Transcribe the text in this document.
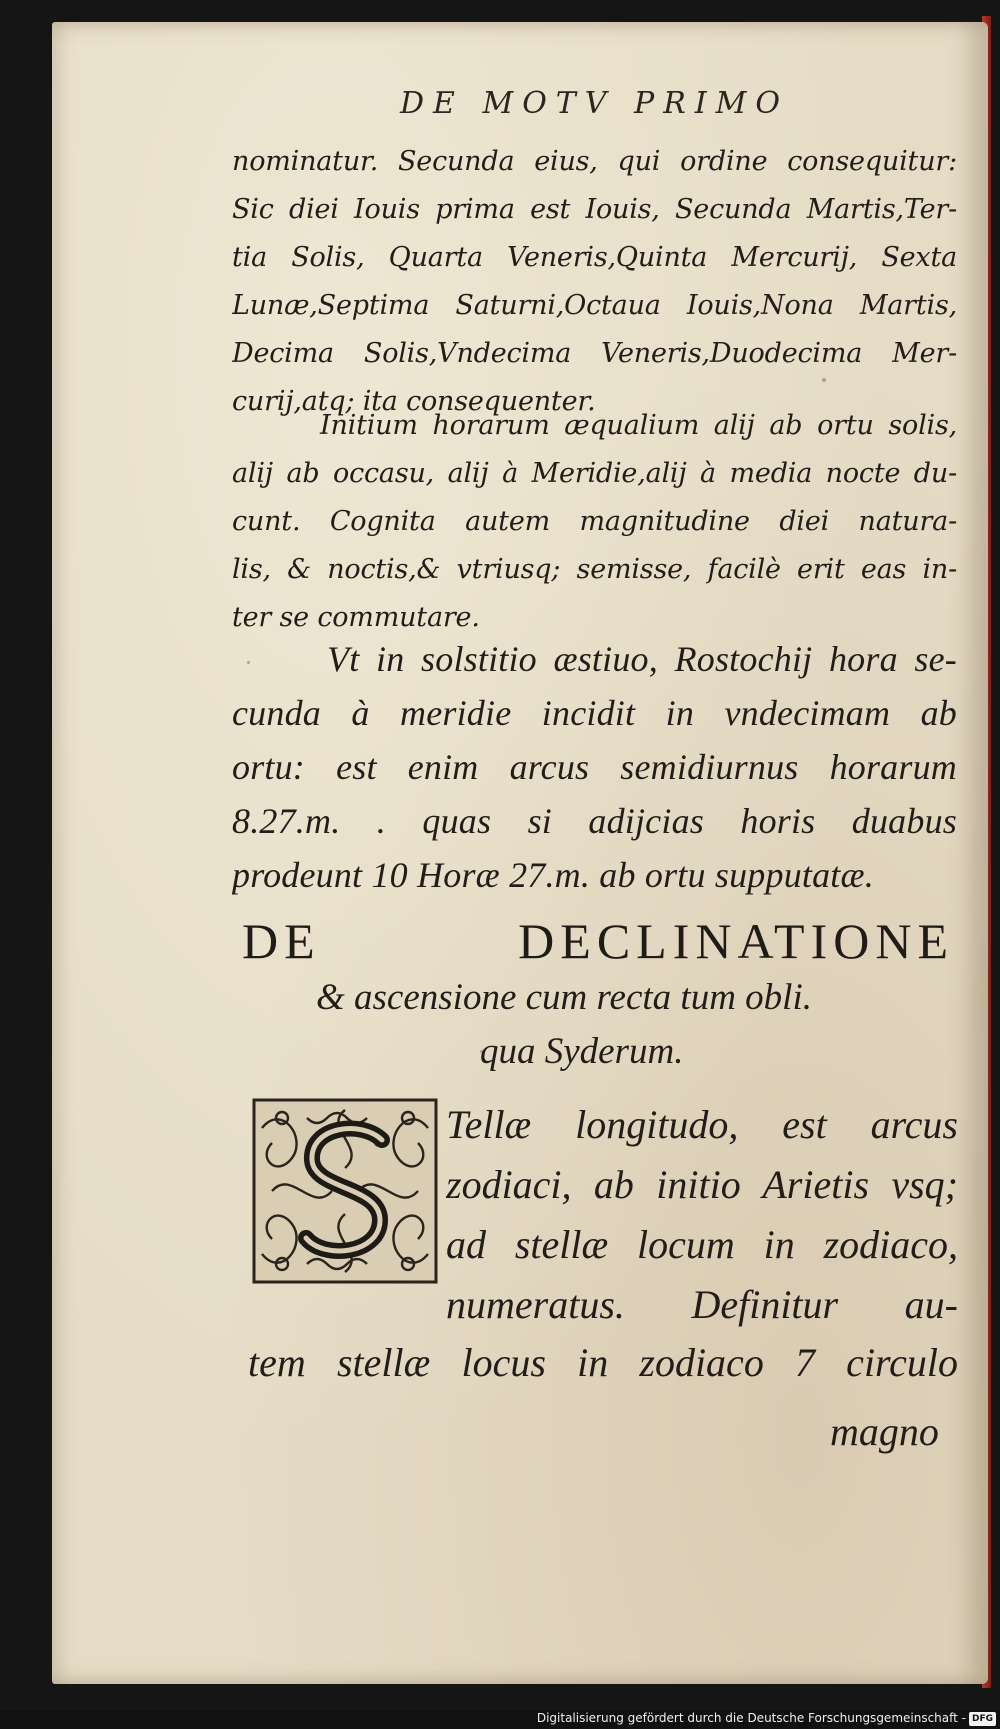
DE MOTV PRIMO
nominatur. Secunda eius, qui ordine consequitur:
Sic diei Iouis prima est Iouis, Secunda Martis,Ter-
tia Solis, Quarta Veneris,Quinta Mercurij, Sexta
Lunæ,Septima Saturni,Octaua Iouis,Nona Martis,
Decima Solis,Vndecima Veneris,Duodecima Mer-
curij,atq; ita consequenter.
Initium horarum æqualium alij ab ortu solis,
alij ab occasu, alij à Meridie,alij à media nocte du-
cunt. Cognita autem magnitudine diei natura-
lis, & noctis,& vtriusq; semisse, facilè erit eas in-
ter se commutare.
Vt in solstitio æstiuo, Rostochij hora se-
cunda à meridie incidit in vndecimam ab
ortu: est enim arcus semidiurnus horarum
8.27.m. . quas si adijcias horis duabus
prodeunt 10 Horæ 27.m. ab ortu supputatæ.
DE DECLINATIONE
& ascensione cum recta tum obli.
qua Syderum.
Tellæ longitudo, est arcus
zodiaci, ab initio Arietis vsq;
ad stellæ locum in zodiaco,
numeratus. Definitur au-
tem stellæ locus in zodiaco 7 circulo
magno
Digitalisierung gefördert durch die Deutsche Forschungsgemeinschaft - DFG
